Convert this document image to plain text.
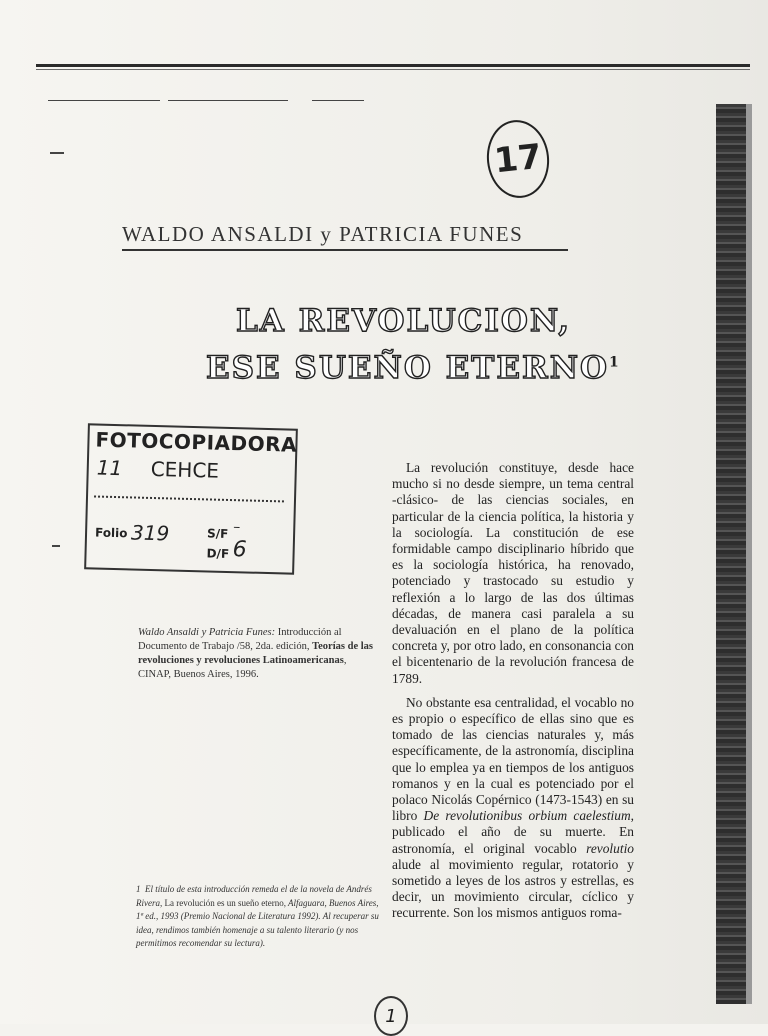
17
WALDO ANSALDI y PATRICIA FUNES
LA REVOLUCION,
ESE SUEÑO ETERNO$^1$
FOTOCOPIADORA
11 CEHCE
Folio 319	S/F –
D/F 6
Waldo Ansaldi y Patricia Funes: Introducción al Documento de Trabajo /58, 2da. edición, Teorías de las revoluciones y revoluciones Latinoamericanas, CINAP, Buenos Aires, 1996.

La revolución constituye, desde hace mucho si no desde siempre, un tema central -clásico- de las ciencias sociales, en particular de la ciencia política, la historia y la sociología. La constitución de ese formidable campo disciplinario híbrido que es la sociología histórica, ha renovado, potenciado y trastocado su estudio y reflexión a lo largo de las dos últimas décadas, de manera casi paralela a su devaluación en el plano de la política concreta y, por otro lado, en consonancia con el bicentenario de la revolución francesa de 1789.

No obstante esa centralidad, el vocablo no es propio o específico de ellas sino que es tomado de las ciencias naturales y, más específicamente, de la astronomía, disciplina que lo emplea ya en tiempos de los antiguos romanos y en la cual es potenciado por el polaco Nicolás Copérnico (1473-1543) en su libro De revolutionibus orbium caelestium, publicado el año de su muerte. En astronomía, el original vocablo revolutio alude al movimiento regular, rotatorio y sometido a leyes de los astros y estrellas, es decir, un movimiento circular, cíclico y recurrente. Son los mismos antiguos roma-

1 El título de esta introducción remeda el de la novela de Andrés Rivera, La revolución es un sueño eterno, Alfaguara, Buenos Aires, 1ª ed., 1993 (Premio Nacional de Literatura 1992). Al recuperar su idea, rendimos también homenaje a su talento literario (y nos permitimos recomendar su lectura).
1
